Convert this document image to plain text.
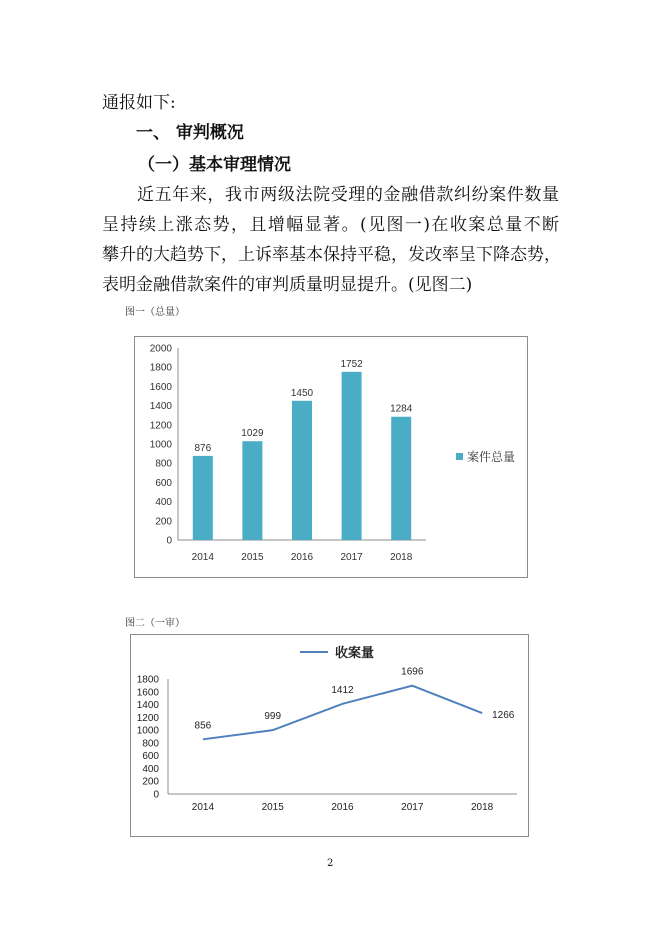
通报如下:
一、 审判概况
（一）基本审理情况
近五年来，我市两级法院受理的金融借款纠纷案件数量
呈持续上涨态势，且增幅显著。(见图一)在收案总量不断
攀升的大趋势下，上诉率基本保持平稳，发改率呈下降态势，
表明金融借款案件的审判质量明显提升。(见图二)
图一（总量）
0
200
400
600
800
1000
1200
1400
1600
1800
2000
876
1029
1450
1752
1284
2014	2015	2016	2017	2018
案件总量
图二（一审）
收案量
0
200
400
600
800
1000
1200
1400
1600
1800
856
999
1412
1696
1266
2014	2015	2016	2017	2018
2
